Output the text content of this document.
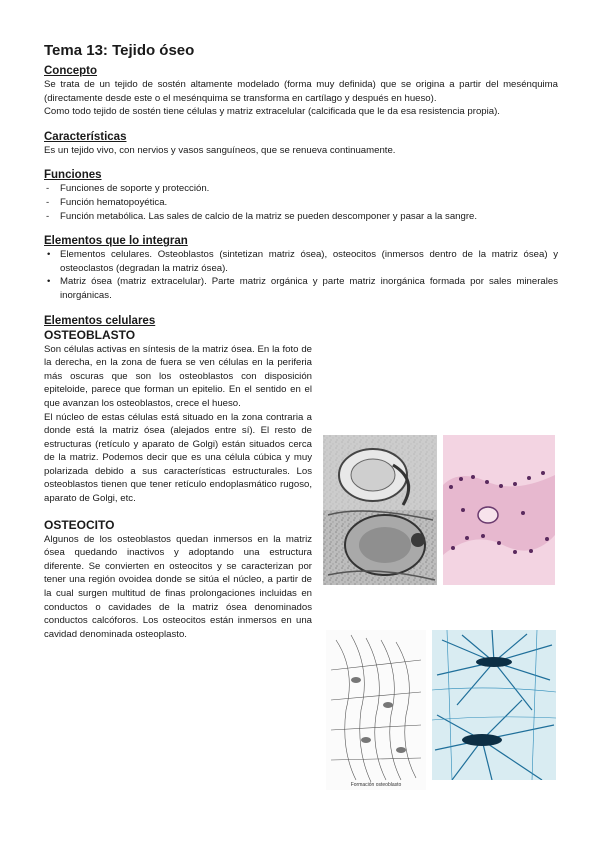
Tema 13: Tejido óseo
Concepto

Se trata de un tejido de sostén altamente modelado (forma muy definida) que se origina a partir del mesénquima (directamente desde este o el mesénquima se transforma en cartílago y después en hueso).

Como todo tejido de sostén tiene células y matriz extracelular (calcificada que le da esa resistencia propia).

Características

Es un tejido vivo, con nervios y vasos sanguíneos, que se renueva continuamente.

Funciones
- Funciones de soporte y protección.
- Función hematopoyética.
- Función metabólica. Las sales de calcio de la matriz se pueden descomponer y pasar a la sangre.
Elementos que lo integran
• Elementos celulares. Osteoblastos (sintetizan matriz ósea), osteocitos (inmersos dentro de la matriz ósea) y osteoclastos (degradan la matriz ósea).
• Matriz ósea (matriz extracelular). Parte matriz orgánica y parte matriz inorgánica formada por sales minerales inorgánicas.
Elementos celulares
OSTEOBLASTO

Son células activas en síntesis de la matriz ósea. En la foto de la derecha, en la zona de fuera se ven células en la periferia más oscuras que son los osteoblastos con disposición epiteloide, parece que forman un epitelio. En el sentido en el que avanzan los osteoblastos, crece el hueso.

El núcleo de estas células está situado en la zona contraria a donde está la matriz ósea (alejados entre sí). El resto de estructuras (retículo y aparato de Golgi) están situados cerca de la matriz. Podemos decir que es una célula cúbica y muy polarizada debido a sus características estructurales. Los osteoblastos tienen que tener retículo endoplasmático rugoso, aparato de Golgi, etc.

OSTEOCITO

Algunos de los osteoblastos quedan inmersos en la matriz ósea quedando inactivos y adoptando una estructura diferente. Se convierten en osteocitos y se caracterizan por tener una región ovoidea donde se sitúa el núcleo, a partir de la cual surgen multitud de finas prolongaciones incluidas en conductos o cavidades de la matriz ósea denominados conductos calcóforos. Los osteocitos están inmersos en una cavidad denominada osteoplasto.

Formación osteoblasto
